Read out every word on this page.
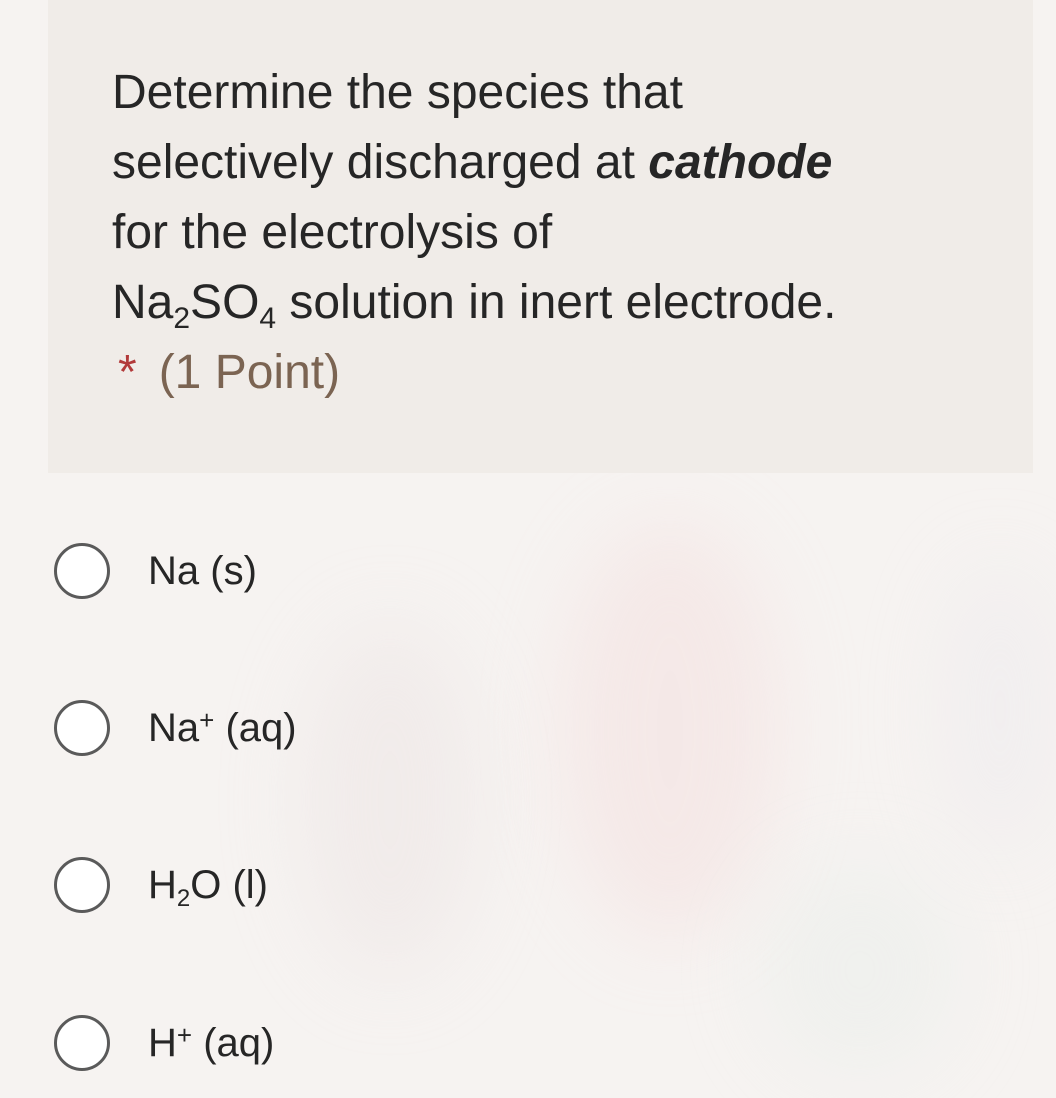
Determine the species that
selectively discharged at cathode
for the electrolysis of
$Na_2SO_4$ solution in inert electrode.

* (1 Point)
Na (s)
Na+ (aq)
$H_2O$ (l)
H+ (aq)
